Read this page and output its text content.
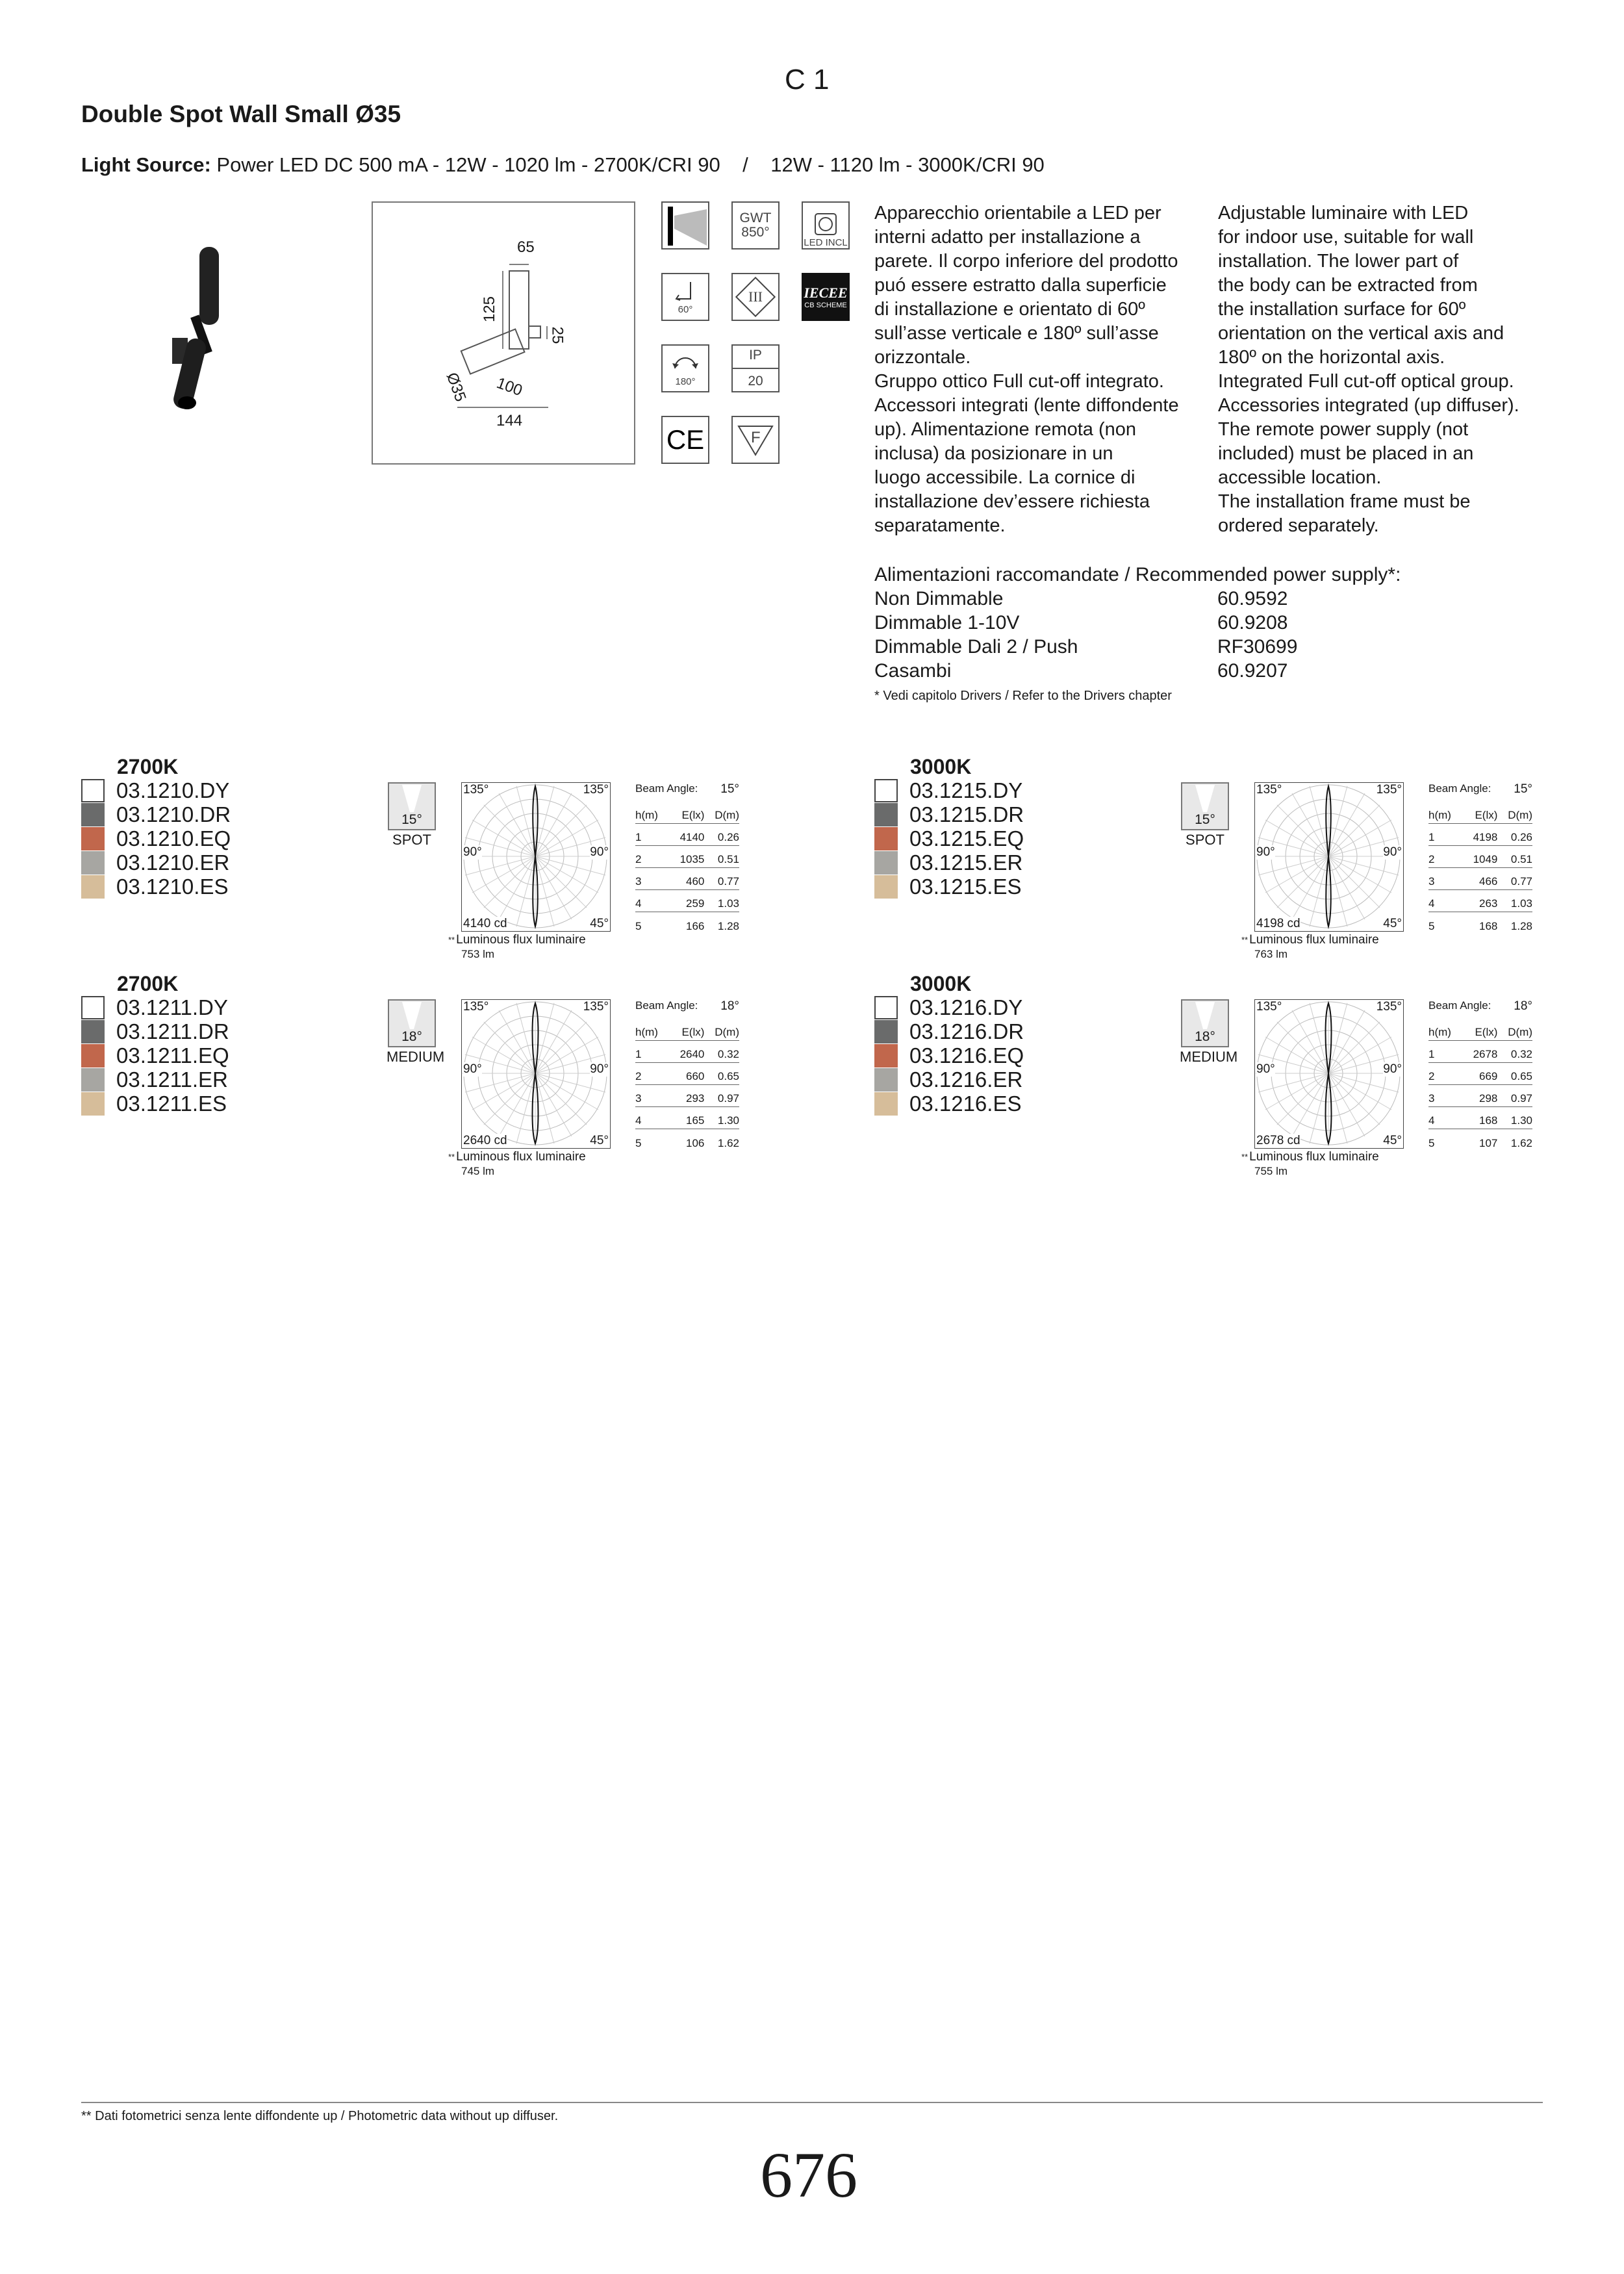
C 1
Double Spot Wall Small Ø35
Light Source: Power LED DC 500 mA - 12W - 1020 lm - 2700K/CRI 90    /    12W - 1120 lm - 3000K/CRI 90
65
125
25
100
Ø35
144
GWT
850°
LED INCL
60°
III	IECEE
CB SCHEME
180°
IP
20
CE	F
Apparecchio orientabile a LED per
interni adatto per installazione a
parete. Il corpo inferiore del prodotto
puó essere estratto dalla superficie
di installazione e orientato di 60º
sull’asse verticale e 180º sull’asse
orizzontale.
Gruppo ottico Full cut-off integrato.
Accessori integrati (lente diffondente
up). Alimentazione remota (non
inclusa) da posizionare in un
luogo accessibile. La cornice di
installazione dev’essere richiesta
separatamente.
Adjustable luminaire with LED
for indoor use, suitable for wall
installation. The lower part of
the body can be extracted from
the installation surface for 60º
orientation on the vertical axis and
180º on the horizontal axis.
Integrated Full cut-off optical group.
Accessories integrated (up diffuser).
The remote power supply (not
included) must be placed in an
accessible location.
The installation frame must be
ordered separately.
Alimentazioni raccomandate / Recommended power supply*:
Non Dimmable	60.9592
Dimmable 1-10V	60.9208
Dimmable Dali 2 / Push	RF30699
Casambi	60.9207
* Vedi capitolo Drivers / Refer to the Drivers chapter
2700K
03.1210.DY
03.1210.DR
03.1210.EQ
03.1210.ER
03.1210.ES
15°
SPOT
135°	135°
90°	90°
45°
4140 cd
** Luminous flux luminaire
753 lm
Beam Angle: 15°
h(m)	E(lx) D(m)
1	4140	0.26
2	1035	0.51
3	460	0.77
4	259	1.03
5	166	1.28
3000K
03.1215.DY
03.1215.DR
03.1215.EQ
03.1215.ER
03.1215.ES
15°
SPOT
135°	135°
90°	90°
45°
4198 cd
** Luminous flux luminaire
763 lm
Beam Angle: 15°
h(m)	E(lx) D(m)
1	4198	0.26
2	1049	0.51
3	466	0.77
4	263	1.03
5	168	1.28
2700K
03.1211.DY
03.1211.DR
03.1211.EQ
03.1211.ER
03.1211.ES
18°
MEDIUM
135°	135°
90°	90°
45°
2640 cd
** Luminous flux luminaire
745 lm
Beam Angle: 18°
h(m)	E(lx) D(m)
1	2640	0.32
2	660	0.65
3	293	0.97
4	165	1.30
5	106	1.62
3000K
03.1216.DY
03.1216.DR
03.1216.EQ
03.1216.ER
03.1216.ES
18°
MEDIUM
135°	135°
90°	90°
45°
2678 cd
** Luminous flux luminaire
755 lm
Beam Angle: 18°
h(m)	E(lx) D(m)
1	2678	0.32
2	669	0.65
3	298	0.97
4	168	1.30
5	107	1.62
** Dati fotometrici senza lente diffondente up / Photometric data without up diffuser.
676
